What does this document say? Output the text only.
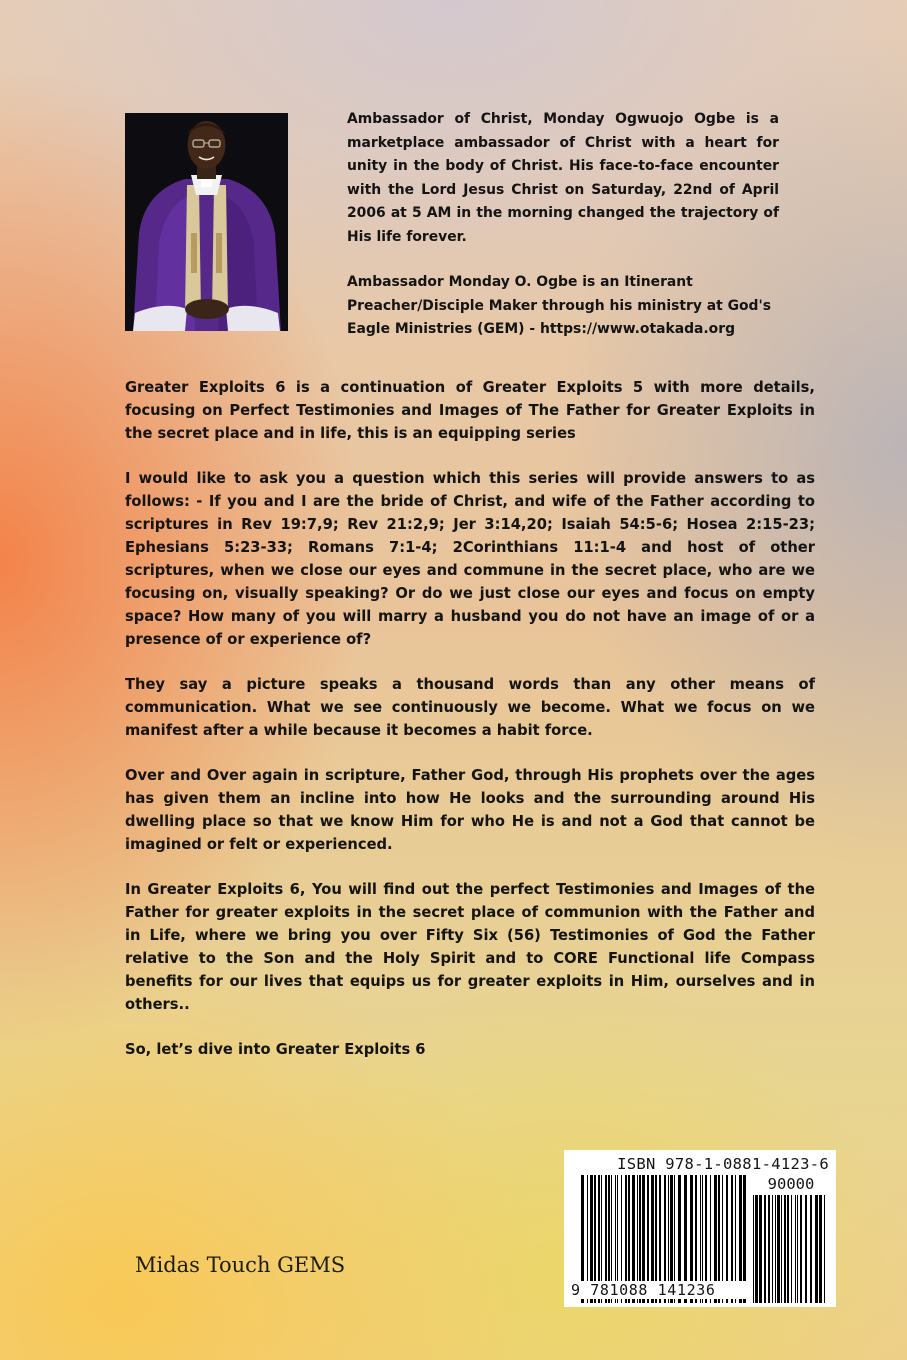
Ambassador of Christ, Monday Ogwuojo Ogbe is a marketplace ambassador of Christ with a heart for unity in the body of Christ. His face-to-face encounter with the Lord Jesus Christ on Saturday, 22nd of April 2006 at 5 AM in the morning changed the trajectory of His life forever.

Ambassador Monday O. Ogbe is an Itinerant Preacher/Disciple Maker through his ministry at God's Eagle Ministries (GEM) - https://www.otakada.org

Greater Exploits 6 is a continuation of Greater Exploits 5 with more details, focusing on Perfect Testimonies and Images of The Father for Greater Exploits in the secret place and in life, this is an equipping series

I would like to ask you a question which this series will provide answers to as follows: - If you and I are the bride of Christ, and wife of the Father according to scriptures in Rev 19:7,9; Rev 21:2,9; Jer 3:14,20; Isaiah 54:5-6; Hosea 2:15-23; Ephesians 5:23-33; Romans 7:1-4; 2Corinthians 11:1-4 and host of other scriptures, when we close our eyes and commune in the secret place, who are we focusing on, visually speaking? Or do we just close our eyes and focus on empty space? How many of you will marry a husband you do not have an image of or a presence of or experience of?

They say a picture speaks a thousand words than any other means of communication. What we see continuously we become. What we focus on we manifest after a while because it becomes a habit force.

Over and Over again in scripture, Father God, through His prophets over the ages has given them an incline into how He looks and the surrounding around His dwelling place so that we know Him for who He is and not a God that cannot be imagined or felt or experienced.

In Greater Exploits 6, You will find out the perfect Testimonies and Images of the Father for greater exploits in the secret place of communion with the Father and in Life, where we bring you over Fifty Six (56) Testimonies of God the Father relative to the Son and the Holy Spirit and to CORE Functional life Compass benefits for our lives that equips us for greater exploits in Him, ourselves and in others..

So, let’s dive into Greater Exploits 6

Midas Touch GEMS
ISBN 978-1-0881-4123-6
90000
9 781088 141236
